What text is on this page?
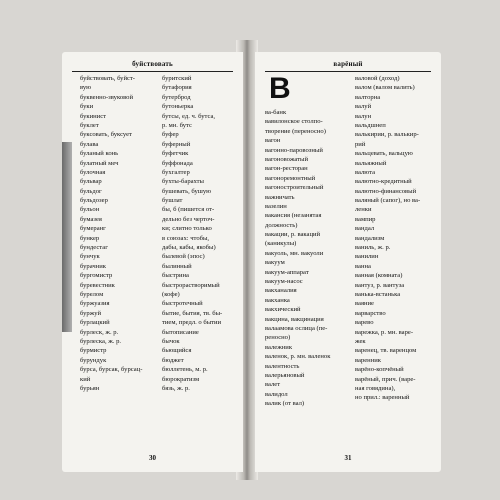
буйствовать
буйствовать, буйст-
вую
буквенно-звуковой
буки
букинист
буклет
буксовать, буксует
булава
буланый конь
булатный меч
булочная
бульвар
бульдог
бульдозер
бульон
бумазея
бумеранг
бункер
бундестаг
бунчук
бурачник
бургомистр
буревестник
бурелом
буржуазия
буржуй
бурлацкий
бурлеск, ж. р.
бурлеска, ж. р.
бурмистр
бурундук
бурса, бурсак, бурсац-
кий
бурьян
буритский
бутафория
бутерброд
бутоньерка
бутсы, ед. ч. бутса,
р. мн. бутс
буфер
буферный
буфетчик
буффонада
бухгалтер
бухты-барахты
бушевать, бушую
бушлат
бы, б (пишется от-
дельно без черточ-
ки; слитно только
в союзах: чтобы,
дабы, кабы, якобы)
былевой (эпос)
былинный
быстрина
быстрорастворимый
(кофе)
быстротечный
бытие, бытия, тв. бы-
тием, предл. о бытии
бытописание
бычок
бьющийся
бюджет
бюллетень, м. р.
бюрократизм
бязь, ж. р.
30
варёный
В
ва-банк
вавилонское столпо-
творение (переносно)
вагон
вагонно-паровозный
вагоновожатый
вагон-ресторан
вагоноремонтный
вагоностроительный
важничать
вазелин
вакансия (незанятая
должность)
вакации, р. вакаций
(каникулы)
вакуоль, мн. вакуоли
вакуум
вакуум-аппарат
вакуум-насос
вакханалия
вакханка
вакхический
вакцина, вакцинация
валаамова ослица (пе-
реносно)
валежник
валенок, р. мн. валенок
валентность
валерьяновый
валет
валидол
валик (от вал)
валовой (доход)
валом (валом валить)
валторна
валуй
валун
вальдшнеп
валькирии, р. валькир-
рий
вальцевать, вальцую
вальяжный
валюта
валютно-кредитный
валютно-финансовый
валяный (сапог), но ва-
ленки
вампир
вандал
вандализм
ваниль, ж. р.
ванилин
ванна
ванная (комната)
вантуз, р. вантуза
ванька-встанька
ваяние
варварство
варево
варежка, р. мн. варе-
жек
варенец, тв. варенцом
варенник
варёно-копчёный
варёный, прич. (варе-
ная говядина),
но прил.: варенный
31
